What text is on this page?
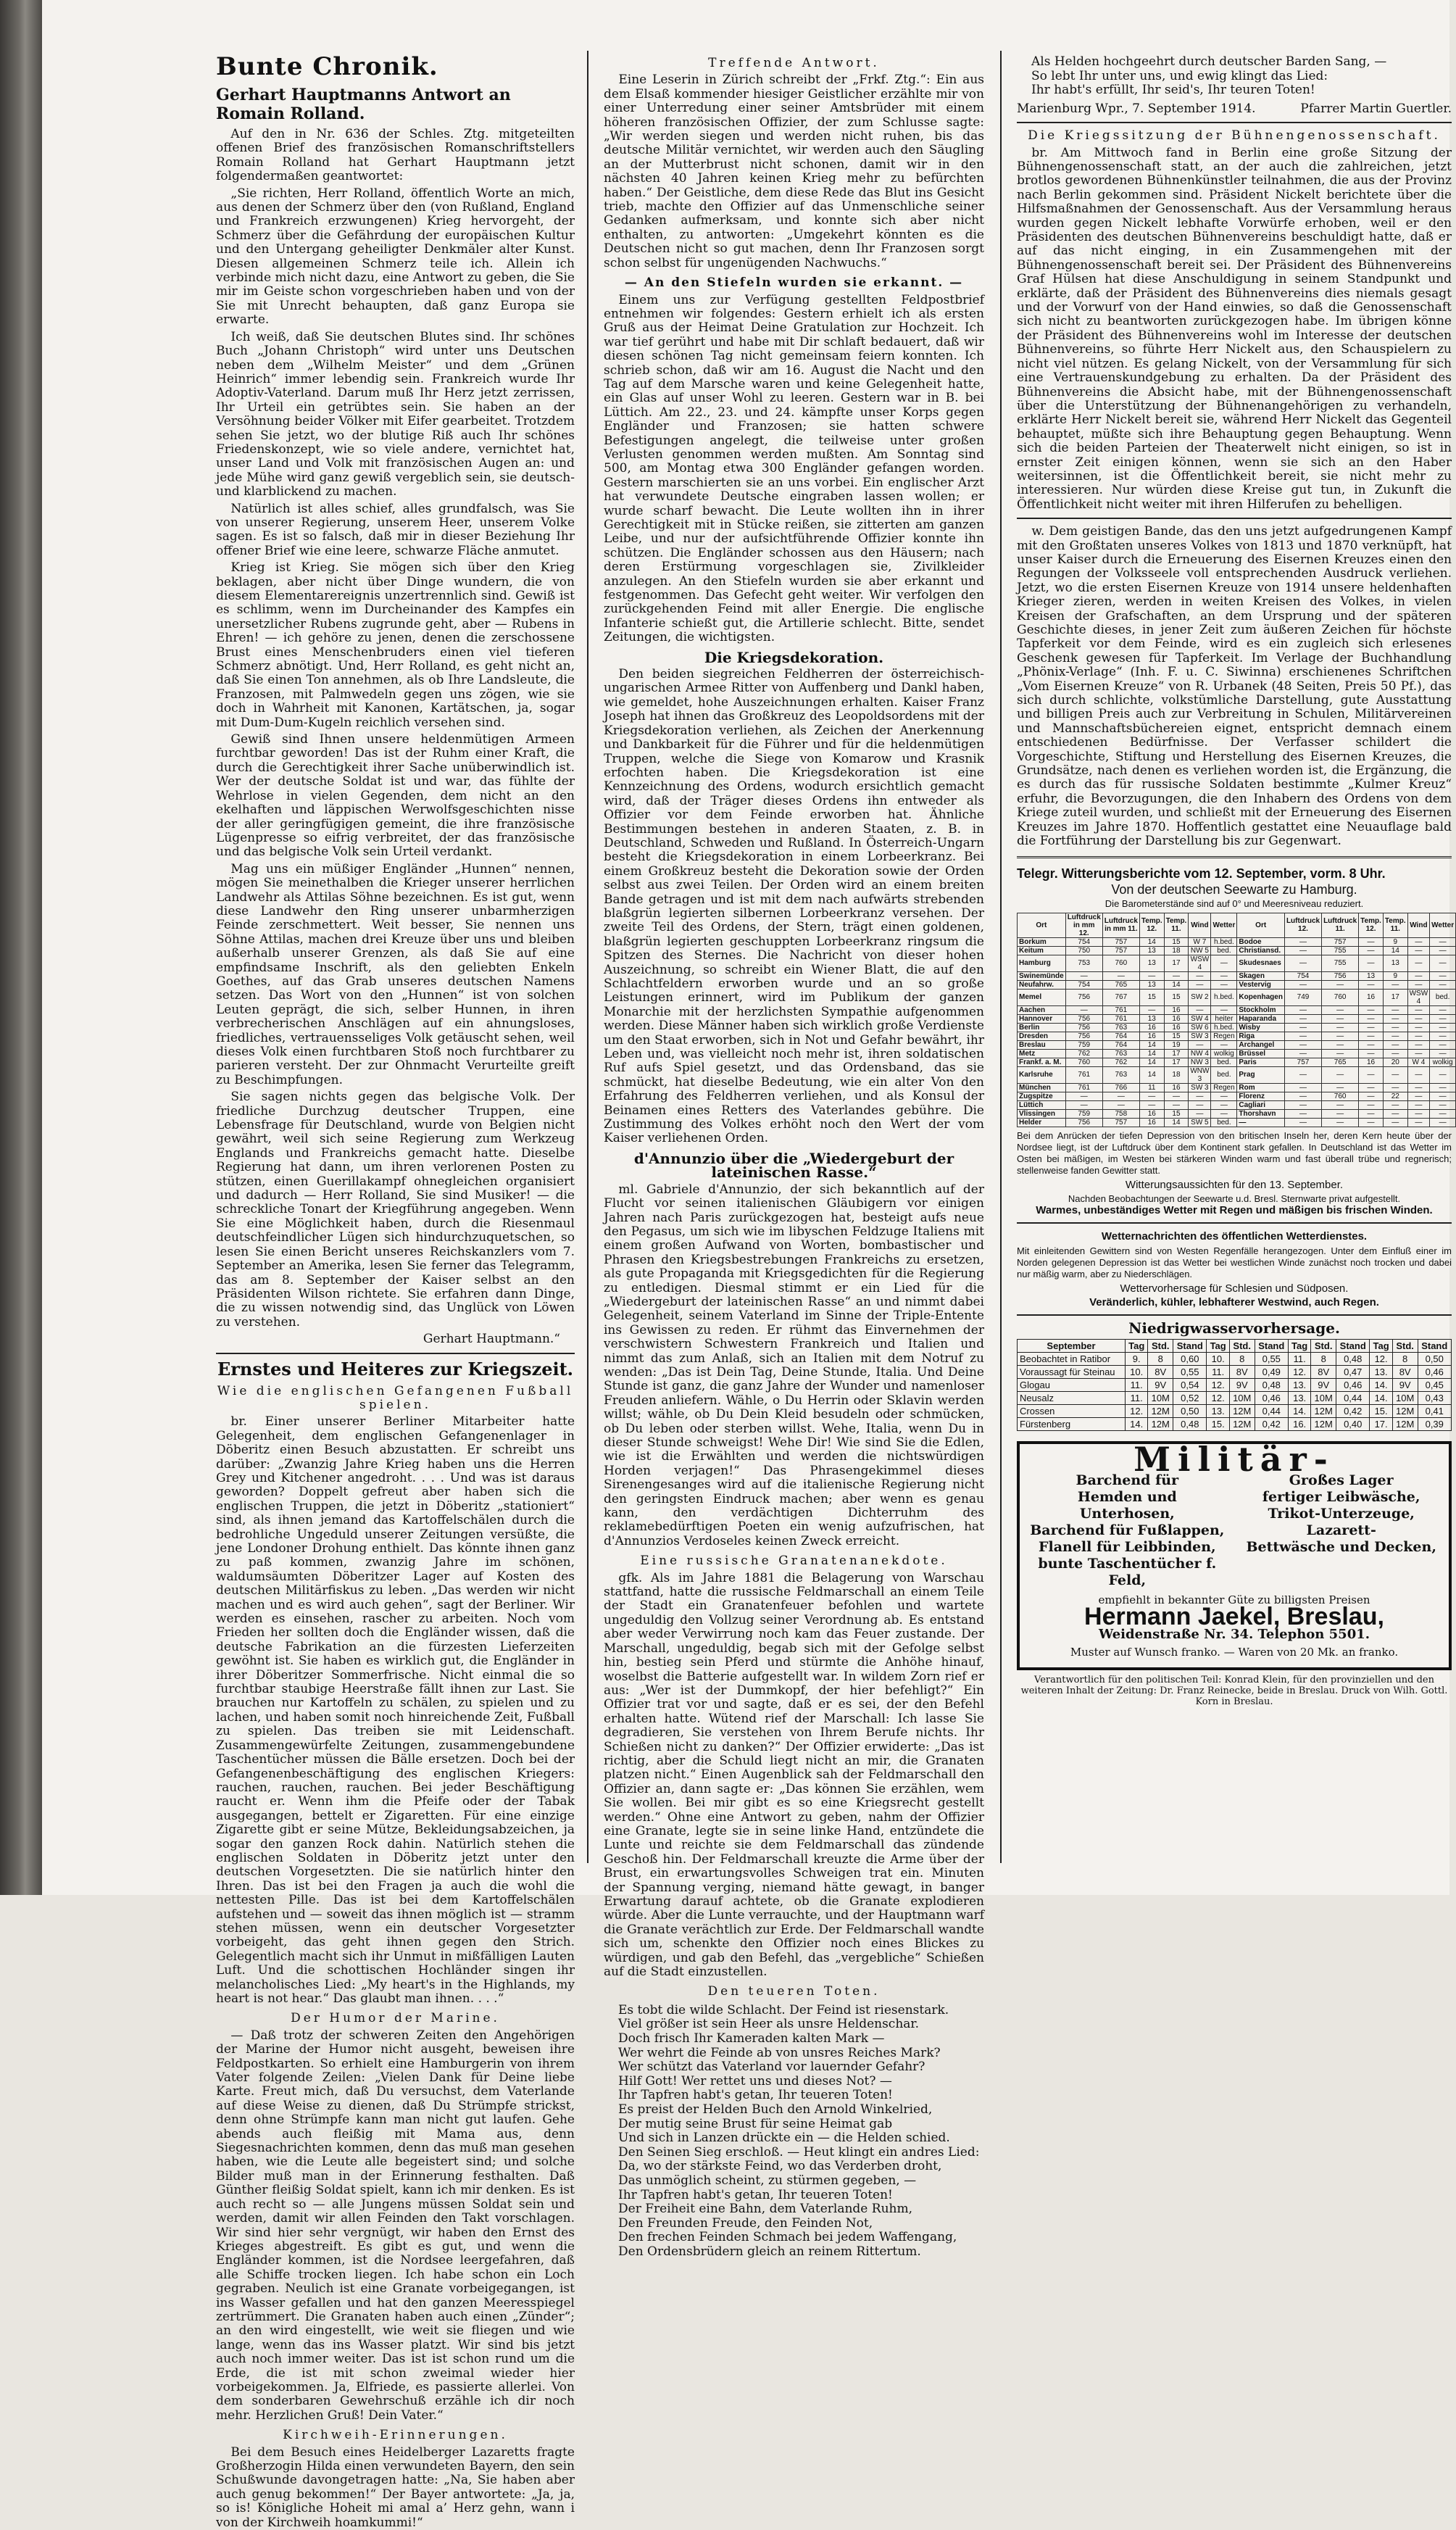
Bunte Chronik.
Gerhart Hauptmanns Antwort an Romain Rolland.

Auf den in Nr. 636 der Schles. Ztg. mitgeteilten offenen Brief des französischen Romanschriftstellers Romain Rolland hat Gerhart Hauptmann jetzt folgendermaßen geantwortet:

„Sie richten, Herr Rolland, öffentlich Worte an mich, aus denen der Schmerz über den (von Rußland, England und Frankreich erzwungenen) Krieg hervorgeht, der Schmerz über die Gefährdung der europäischen Kultur und den Untergang geheiligter Denkmäler alter Kunst. Diesen allgemeinen Schmerz teile ich. Allein ich verbinde mich nicht dazu, eine Antwort zu geben, die Sie mir im Geiste schon vorgeschrieben haben und von der Sie mit Unrecht behaupten, daß ganz Europa sie erwarte.

Ich weiß, daß Sie deutschen Blutes sind. Ihr schönes Buch „Johann Christoph“ wird unter uns Deutschen neben dem „Wilhelm Meister“ und dem „Grünen Heinrich“ immer lebendig sein. Frankreich wurde Ihr Adoptiv-Vaterland. Darum muß Ihr Herz jetzt zerrissen, Ihr Urteil ein getrübtes sein. Sie haben an der Versöhnung beider Völker mit Eifer gearbeitet. Trotzdem sehen Sie jetzt, wo der blutige Riß auch Ihr schönes Friedenskonzept, wie so viele andere, vernichtet hat, unser Land und Volk mit französischen Augen an: und jede Mühe wird ganz gewiß vergeblich sein, sie deutsch- und klarblickend zu machen.

Natürlich ist alles schief, alles grundfalsch, was Sie von unserer Regierung, unserem Heer, unserem Volke sagen. Es ist so falsch, daß mir in dieser Beziehung Ihr offener Brief wie eine leere, schwarze Fläche anmutet.

Krieg ist Krieg. Sie mögen sich über den Krieg beklagen, aber nicht über Dinge wundern, die von diesem Elementarereignis unzertrennlich sind. Gewiß ist es schlimm, wenn im Durcheinander des Kampfes ein unersetzlicher Rubens zugrunde geht, aber — Rubens in Ehren! — ich gehöre zu jenen, denen die zerschossene Brust eines Menschenbruders einen viel tieferen Schmerz abnötigt. Und, Herr Rolland, es geht nicht an, daß Sie einen Ton annehmen, als ob Ihre Landsleute, die Franzosen, mit Palmwedeln gegen uns zögen, wie sie doch in Wahrheit mit Kanonen, Kartätschen, ja, sogar mit Dum-Dum-Kugeln reichlich versehen sind.

Gewiß sind Ihnen unsere heldenmütigen Armeen furchtbar geworden! Das ist der Ruhm einer Kraft, die durch die Gerechtigkeit ihrer Sache unüberwindlich ist. Wer der deutsche Soldat ist und war, das fühlte der Wehrlose in vielen Gegenden, dem nicht an den ekelhaften und läppischen Werwolfsgeschichten nisse der aller geringfügigen gemeint, die ihre französische Lügenpresse so eifrig verbreitet, der das französische und das belgische Volk sein Urteil verdankt.

Mag uns ein müßiger Engländer „Hunnen“ nennen, mögen Sie meinethalben die Krieger unserer herrlichen Landwehr als Attilas Söhne bezeichnen. Es ist gut, wenn diese Landwehr den Ring unserer unbarmherzigen Feinde zerschmettert. Weit besser, Sie nennen uns Söhne Attilas, machen drei Kreuze über uns und bleiben außerhalb unserer Grenzen, als daß Sie auf eine empfindsame Inschrift, als den geliebten Enkeln Goethes, auf das Grab unseres deutschen Namens setzen. Das Wort von den „Hunnen“ ist von solchen Leuten geprägt, die sich, selber Hunnen, in ihren verbrecherischen Anschlägen auf ein ahnungsloses, friedliches, vertrauensseliges Volk getäuscht sehen, weil dieses Volk einen furchtbaren Stoß noch furchtbarer zu parieren versteht. Der zur Ohnmacht Verurteilte greift zu Beschimpfungen.

Sie sagen nichts gegen das belgische Volk. Der friedliche Durchzug deutscher Truppen, eine Lebensfrage für Deutschland, wurde von Belgien nicht gewährt, weil sich seine Regierung zum Werkzeug Englands und Frankreichs gemacht hatte. Dieselbe Regierung hat dann, um ihren verlorenen Posten zu stützen, einen Guerillakampf ohnegleichen organisiert und dadurch — Herr Rolland, Sie sind Musiker! — die schreckliche Tonart der Kriegführung angegeben. Wenn Sie eine Möglichkeit haben, durch die Riesenmaul deutschfeindlicher Lügen sich hindurchzuquetschen, so lesen Sie einen Bericht unseres Reichskanzlers vom 7. September an Amerika, lesen Sie ferner das Telegramm, das am 8. September der Kaiser selbst an den Präsidenten Wilson richtete. Sie erfahren dann Dinge, die zu wissen notwendig sind, das Unglück von Löwen zu verstehen.

Gerhart Hauptmann.“
Ernstes und Heiteres zur Kriegszeit.
Wie die englischen Gefangenen Fußball spielen.

br. Einer unserer Berliner Mitarbeiter hatte Gelegenheit, dem englischen Gefangenenlager in Döberitz einen Besuch abzustatten. Er schreibt uns darüber: „Zwanzig Jahre Krieg haben uns die Herren Grey und Kitchener angedroht. . . . Und was ist daraus geworden? Doppelt gefreut aber haben sich die englischen Truppen, die jetzt in Döberitz „stationiert“ sind, als ihnen jemand das Kartoffelschälen durch die bedrohliche Ungeduld unserer Zeitungen versüßte, die jene Londoner Drohung enthielt. Das könnte ihnen ganz zu paß kommen, zwanzig Jahre im schönen, waldumsäumten Döberitzer Lager auf Kosten des deutschen Militärfiskus zu leben. „Das werden wir nicht machen und es wird auch gehen“, sagt der Berliner. Wir werden es einsehen, rascher zu arbeiten. Noch vom Frieden her sollten doch die Engländer wissen, daß die deutsche Fabrikation an die fürzesten Lieferzeiten gewöhnt ist. Sie haben es wirklich gut, die Engländer in ihrer Döberitzer Sommerfrische. Nicht einmal die so furchtbar staubige Heerstraße fällt ihnen zur Last. Sie brauchen nur Kartoffeln zu schälen, zu spielen und zu lachen, und haben somit noch hinreichende Zeit, Fußball zu spielen. Das treiben sie mit Leidenschaft. Zusammengewürfelte Zeitungen, zusammengebundene Taschentücher müssen die Bälle ersetzen. Doch bei der Gefangenenbeschäftigung des englischen Kriegers: rauchen, rauchen, rauchen. Bei jeder Beschäftigung raucht er. Wenn ihm die Pfeife oder der Tabak ausgegangen, bettelt er Zigaretten. Für eine einzige Zigarette gibt er seine Mütze, Bekleidungsabzeichen, ja sogar den ganzen Rock dahin. Natürlich stehen die englischen Soldaten in Döberitz jetzt unter den deutschen Vorgesetzten. Die sie natürlich hinter den Ihren. Das ist bei den Fragen ja auch die wohl die nettesten Pille. Das ist bei dem Kartoffelschälen aufstehen und — soweit das ihnen möglich ist — stramm stehen müssen, wenn ein deutscher Vorgesetzter vorbeigeht, das geht ihnen gegen den Strich. Gelegentlich macht sich ihr Unmut in mißfälligen Lauten Luft. Und die schottischen Hochländer singen ihr melancholisches Lied: „My heart's in the Highlands, my heart is not hear.“ Das glaubt man ihnen. . . .“

Der Humor der Marine.

— Daß trotz der schweren Zeiten den Angehörigen der Marine der Humor nicht ausgeht, beweisen ihre Feldpostkarten. So erhielt eine Hamburgerin von ihrem Vater folgende Zeilen: „Vielen Dank für Deine liebe Karte. Freut mich, daß Du versuchst, dem Vaterlande auf diese Weise zu dienen, daß Du Strümpfe strickst, denn ohne Strümpfe kann man nicht gut laufen. Gehe abends auch fleißig mit Mama aus, denn Siegesnachrichten kommen, denn das muß man gesehen haben, wie die Leute alle begeistert sind; und solche Bilder muß man in der Erinnerung festhalten. Daß Günther fleißig Soldat spielt, kann ich mir denken. Es ist auch recht so — alle Jungens müssen Soldat sein und werden, damit wir allen Feinden den Takt vorschlagen. Wir sind hier sehr vergnügt, wir haben den Ernst des Krieges abgestreift. Es gibt es gut, und wenn die Engländer kommen, ist die Nordsee leergefahren, daß alle Schiffe trocken liegen. Ich habe schon ein Loch gegraben. Neulich ist eine Granate vorbeigegangen, ist ins Wasser gefallen und hat den ganzen Meeresspiegel zertrümmert. Die Granaten haben auch einen „Zünder“; an den wird eingestellt, wie weit sie fliegen und wie lange, wenn das ins Wasser platzt. Wir sind bis jetzt auch noch immer weiter. Das ist ist schon rund um die Erde, die ist mit schon zweimal wieder hier vorbeigekommen. Ja, Elfriede, es passierte allerlei. Von dem sonderbaren Gewehrschuß erzähle ich dir noch mehr. Herzlichen Gruß! Dein Vater.“

Kirchweih-Erinnerungen.

Bei dem Besuch eines Heidelberger Lazaretts fragte Großherzogin Hilda einen verwundeten Bayern, den sein Schußwunde davongetragen hatte: „Na, Sie haben aber auch genug bekommen!“ Der Bayer antwortete: „Ja, ja, so is! Königliche Hoheit mi amal a’ Herz gehn, wann i von der Kirchweih hoamkummi!“

Treffende Antwort.

Eine Leserin in Zürich schreibt der „Frkf. Ztg.“: Ein aus dem Elsaß kommender hiesiger Geistlicher erzählte mir von einer Unterredung einer seiner Amtsbrüder mit einem höheren französischen Offizier, der zum Schlusse sagte: „Wir werden siegen und werden nicht ruhen, bis das deutsche Militär vernichtet, wir werden auch den Säugling an der Mutterbrust nicht schonen, damit wir in den nächsten 40 Jahren keinen Krieg mehr zu befürchten haben.“ Der Geistliche, dem diese Rede das Blut ins Gesicht trieb, machte den Offizier auf das Unmenschliche seiner Gedanken aufmerksam, und konnte sich aber nicht enthalten, zu antworten: „Umgekehrt könnten es die Deutschen nicht so gut machen, denn Ihr Franzosen sorgt schon selbst für ungenügenden Nachwuchs.“

— An den Stiefeln wurden sie erkannt. —

Einem uns zur Verfügung gestellten Feldpostbrief entnehmen wir folgendes: Gestern erhielt ich als ersten Gruß aus der Heimat Deine Gratulation zur Hochzeit. Ich war tief gerührt und habe mit Dir schlaft bedauert, daß wir diesen schönen Tag nicht gemeinsam feiern konnten. Ich schrieb schon, daß wir am 16. August die Nacht und den Tag auf dem Marsche waren und keine Gelegenheit hatte, ein Glas auf unser Wohl zu leeren. Gestern war in B. bei Lüttich. Am 22., 23. und 24. kämpfte unser Korps gegen Engländer und Franzosen; sie hatten schwere Befestigungen angelegt, die teilweise unter großen Verlusten genommen werden mußten. Am Sonntag sind 500, am Montag etwa 300 Engländer gefangen worden. Gestern marschierten sie an uns vorbei. Ein englischer Arzt hat verwundete Deutsche eingraben lassen wollen; er wurde scharf bewacht. Die Leute wollten ihn in ihrer Gerechtigkeit mit in Stücke reißen, sie zitterten am ganzen Leibe, und nur der aufsichtführende Offizier konnte ihn schützen. Die Engländer schossen aus den Häusern; nach deren Erstürmung vorgeschlagen sie, Zivilkleider anzulegen. An den Stiefeln wurden sie aber erkannt und festgenommen. Das Gefecht geht weiter. Wir verfolgen den zurückgehenden Feind mit aller Energie. Die englische Infanterie schießt gut, die Artillerie schlecht. Bitte, sendet Zeitungen, die wichtigsten.

Die Kriegsdekoration.

Den beiden siegreichen Feldherren der österreichisch-ungarischen Armee Ritter von Auffenberg und Dankl haben, wie gemeldet, hohe Auszeichnungen erhalten. Kaiser Franz Joseph hat ihnen das Großkreuz des Leopoldsordens mit der Kriegsdekoration verliehen, als Zeichen der Anerkennung und Dankbarkeit für die Führer und für die heldenmütigen Truppen, welche die Siege von Komarow und Krasnik erfochten haben. Die Kriegsdekoration ist eine Kennzeichnung des Ordens, wodurch ersichtlich gemacht wird, daß der Träger dieses Ordens ihn entweder als Offizier vor dem Feinde erworben hat. Ähnliche Bestimmungen bestehen in anderen Staaten, z. B. in Deutschland, Schweden und Rußland. In Österreich-Ungarn besteht die Kriegsdekoration in einem Lorbeerkranz. Bei einem Großkreuz besteht die Dekoration sowie der Orden selbst aus zwei Teilen. Der Orden wird an einem breiten Bande getragen und ist mit dem nach aufwärts strebenden blaßgrün legierten silbernen Lorbeerkranz versehen. Der zweite Teil des Ordens, der Stern, trägt einen goldenen, blaßgrün legierten geschuppten Lorbeerkranz ringsum die Spitzen des Sternes. Die Nachricht von dieser hohen Auszeichnung, so schreibt ein Wiener Blatt, die auf den Schlachtfeldern erworben wurde und an so große Leistungen erinnert, wird im Publikum der ganzen Monarchie mit der herzlichsten Sympathie aufgenommen werden. Diese Männer haben sich wirklich große Verdienste um den Staat erworben, sich in Not und Gefahr bewährt, ihr Leben und, was vielleicht noch mehr ist, ihren soldatischen Ruf aufs Spiel gesetzt, und das Ordensband, das sie schmückt, hat dieselbe Bedeutung, wie ein alter Von den Erfahrung des Feldherren verliehen, und als Konsul der Beinamen eines Retters des Vaterlandes gebühre. Die Zustimmung des Volkes erhöht noch den Wert der vom Kaiser verliehenen Orden.

d'Annunzio über die „Wiedergeburt der lateinischen Rasse.“

ml. Gabriele d'Annunzio, der sich bekanntlich auf der Flucht vor seinen italienischen Gläubigern vor einigen Jahren nach Paris zurückgezogen hat, besteigt aufs neue den Pegasus, um sich wie im libyschen Feldzuge Italiens mit einem großen Aufwand von Worten, bombastischer und Phrasen den Kriegsbestrebungen Frankreichs zu ersetzen, als gute Propaganda mit Kriegsgedichten für die Regierung zu entledigen. Diesmal stimmt er ein Lied für die „Wiedergeburt der lateinischen Rasse“ an und nimmt dabei Gelegenheit, seinem Vaterland im Sinne der Triple-Entente ins Gewissen zu reden. Er rühmt das Einvernehmen der verschwistern Schwestern Frankreich und Italien und nimmt das zum Anlaß, sich an Italien mit dem Notruf zu wenden: „Das ist Dein Tag, Deine Stunde, Italia. Und Deine Stunde ist ganz, die ganz Jahre der Wunder und namenloser Freuden anliefern. Wähle, o Du Herrin oder Sklavin werden willst; wähle, ob Du Dein Kleid besudeln oder schmücken, ob Du leben oder sterben willst. Wehe, Italia, wenn Du in dieser Stunde schweigst! Wehe Dir! Wie sind Sie die Edlen, wie ist die Erwählten und werden die nichtswürdigen Horden verjagen!“ Das Phrasengekimmel dieses Sirenengesanges wird auf die italienische Regierung nicht den geringsten Eindruck machen; aber wenn es genau kann, den verdächtigen Dichterruhm des reklamebedürftigen Poeten ein wenig aufzufrischen, hat d'Annunzios Verdoseles keinen Zweck erreicht.

Eine russische Granatenanekdote.

gfk. Als im Jahre 1881 die Belagerung von Warschau stattfand, hatte die russische Feldmarschall an einem Teile der Stadt ein Granatenfeuer befohlen und wartete ungeduldig den Vollzug seiner Verordnung ab. Es entstand aber weder Verwirrung noch kam das Feuer zustande. Der Marschall, ungeduldig, begab sich mit der Gefolge selbst hin, bestieg sein Pferd und stürmte die Anhöhe hinauf, woselbst die Batterie aufgestellt war. In wildem Zorn rief er aus: „Wer ist der Dummkopf, der hier befehligt?“ Ein Offizier trat vor und sagte, daß er es sei, der den Befehl erhalten hatte. Wütend rief der Marschall: Ich lasse Sie degradieren, Sie verstehen von Ihrem Berufe nichts. Ihr Schießen nicht zu danken?“ Der Offizier erwiderte: „Das ist richtig, aber die Schuld liegt nicht an mir, die Granaten platzen nicht.“ Einen Augenblick sah der Feldmarschall den Offizier an, dann sagte er: „Das können Sie erzählen, wem Sie wollen. Bei mir gibt es so eine Kriegsrecht gestellt werden.“ Ohne eine Antwort zu geben, nahm der Offizier eine Granate, legte sie in seine linke Hand, entzündete die Lunte und reichte sie dem Feldmarschall das zündende Geschoß hin. Der Feldmarschall kreuzte die Arme über der Brust, ein erwartungsvolles Schweigen trat ein. Minuten der Spannung verging, niemand hätte gewagt, in banger Erwartung darauf achtete, ob die Granate explodieren würde. Aber die Lunte verrauchte, und der Hauptmann warf die Granate verächtlich zur Erde. Der Feldmarschall wandte sich um, schenkte den Offizier noch eines Blickes zu würdigen, und gab den Befehl, das „vergebliche“ Schießen auf die Stadt einzustellen.

Den teueren Toten.
Es tobt die wilde Schlacht. Der Feind ist riesenstark.
Viel größer ist sein Heer als unsre Heldenschar.
Doch frisch Ihr Kameraden kalten Mark —
Wer wehrt die Feinde ab von unsres Reiches Mark?
Wer schützt das Vaterland vor lauernder Gefahr?
Hilf Gott! Wer rettet uns und dieses Not? —
Ihr Tapfren habt's getan, Ihr teueren Toten!
Es preist der Helden Buch den Arnold Winkelried,
Der mutig seine Brust für seine Heimat gab
Und sich in Lanzen drückte ein — die Helden schied.
Den Seinen Sieg erschloß. — Heut klingt ein andres Lied:
Da, wo der stärkste Feind, wo das Verderben droht,
Das unmöglich scheint, zu stürmen gegeben, —
Ihr Tapfren habt's getan, Ihr teueren Toten!
Der Freiheit eine Bahn, dem Vaterlande Ruhm,
Den Freunden Freude, den Feinden Not,
Den frechen Feinden Schmach bei jedem Waffengang,
Den Ordensbrüdern gleich an reinem Rittertum.
Als Helden hochgeehrt durch deutscher Barden Sang, —
So lebt Ihr unter uns, und ewig klingt das Lied:
Ihr habt's erfüllt, Ihr seid's, Ihr teuren Toten!
Marienburg Wpr., 7. September 1914.	Pfarrer Martin Guertler.
Die Kriegssitzung der Bühnengenossenschaft.

br. Am Mittwoch fand in Berlin eine große Sitzung der Bühnengenossenschaft statt, an der auch die zahlreichen, jetzt brotlos gewordenen Bühnenkünstler teilnahmen, die aus der Provinz nach Berlin gekommen sind. Präsident Nickelt berichtete über die Hilfsmaßnahmen der Genossenschaft. Aus der Versammlung heraus wurden gegen Nickelt lebhafte Vorwürfe erhoben, weil er den Präsidenten des deutschen Bühnenvereins beschuldigt hatte, daß er auf das nicht einging, in ein Zusammengehen mit der Bühnengenossenschaft bereit sei. Der Präsident des Bühnenvereins Graf Hülsen hat diese Anschuldigung in seinem Standpunkt und erklärte, daß der Präsident des Bühnenvereins dies niemals gesagt und der Vorwurf von der Hand einwies, so daß die Genossenschaft sich nicht zu beantworten zurückgezogen habe. Im übrigen könne der Präsident des Bühnenvereins wohl im Interesse der deutschen Bühnenvereins, so führte Herr Nickelt aus, den Schauspielern zu nicht viel nützen. Es gelang Nickelt, von der Versammlung für sich eine Vertrauenskundgebung zu erhalten. Da der Präsident des Bühnenvereins die Absicht habe, mit der Bühnengenossenschaft über die Unterstützung der Bühnenangehörigen zu verhandeln, erklärte Herr Nickelt bereit sie, während Herr Nickelt das Gegenteil behauptet, müßte sich ihre Behauptung gegen Behauptung. Wenn sich die beiden Parteien der Theaterwelt nicht einigen, so ist in ernster Zeit einigen können, wenn sie sich an den Haber weitersinnen, ist die Öffentlichkeit bereit, sie nicht mehr zu interessieren. Nur würden diese Kreise gut tun, in Zukunft die Öffentlichkeit nicht weiter mit ihren Hilferufen zu behelligen.

w. Dem geistigen Bande, das den uns jetzt aufgedrungenen Kampf mit den Großtaten unseres Volkes von 1813 und 1870 verknüpft, hat unser Kaiser durch die Erneuerung des Eisernen Kreuzes einen den Regungen der Volksseele voll entsprechenden Ausdruck verliehen. Jetzt, wo die ersten Eisernen Kreuze von 1914 unsere heldenhaften Krieger zieren, werden in weiten Kreisen des Volkes, in vielen Kreisen der Grafschaften, an dem Ursprung und der späteren Geschichte dieses, in jener Zeit zum äußeren Zeichen für höchste Tapferkeit vor dem Feinde, wird es ein zugleich sich erlesenes Geschenk gewesen für Tapferkeit. Im Verlage der Buchhandlung „Phönix-Verlage“ (Inh. F. u. C. Siwinna) erschienenes Schriftchen „Vom Eisernen Kreuze“ von R. Urbanek (48 Seiten, Preis 50 Pf.), das sich durch schlichte, volkstümliche Darstellung, gute Ausstattung und billigen Preis auch zur Verbreitung in Schulen, Militärvereinen und Mannschaftsbüchereien eignet, entspricht demnach einem entschiedenen Bedürfnisse. Der Verfasser schildert die Vorgeschichte, Stiftung und Herstellung des Eisernen Kreuzes, die Grundsätze, nach denen es verliehen worden ist, die Ergänzung, die es durch das für russische Soldaten bestimmte „Kulmer Kreuz“ erfuhr, die Bevorzugungen, die den Inhabern des Ordens von dem Kriege zuteil wurden, und schließt mit der Erneuerung des Eisernen Kreuzes im Jahre 1870. Hoffentlich gestattet eine Neuauflage bald die Fortführung der Darstellung bis zur Gegenwart.

Telegr. Witterungsberichte vom 12. September, vorm. 8 Uhr.
Von der deutschen Seewarte zu Hamburg.
Die Barometerstände sind auf 0° und Meeresniveau reduziert.
Ort	Luftdruck in mm 12.	Luftdruck in mm 11.	Temp. 12.	Temp. 11.	Wind	Wetter	Ort	Luftdruck 12.	Luftdruck 11.	Temp. 12.	Temp. 11.	Wind	Wetter
Borkum	754	757	14	15	W 7	h.bed.	Bodoe	—	757	—	9	—	—
Keitum	750	757	13	18	NW 5	bed.	Christiansd.	—	755	—	14	—	—
Hamburg	753	760	13	17	WSW 4	—	Skudesnaes	—	755	—	13	—	—
Swinemünde	—	—	—	—	—	—	Skagen	754	756	13	9	—	—
Neufahrw.	754	765	13	14	—	—	Vestervig	—	—	—	—	—	—
Memel	756	767	15	15	SW 2	h.bed.	Kopenhagen	749	760	16	17	WSW 4	bed.
Aachen	—	761	—	16	—	—	Stockholm	—	—	—	—	—	—
Hannover	756	761	13	16	SW 4	heiter	Haparanda	—	—	—	—	—	—
Berlin	756	763	16	16	SW 6	h.bed.	Wisby	—	—	—	—	—	—
Dresden	756	764	16	15	SW 3	Regen	Riga	—	—	—	—	—	—
Breslau	759	764	14	19	—	—	Archangel	—	—	—	—	—	—
Metz	762	763	14	17	NW 4	wolkig	Brüssel	—	—	—	—	—	—
Frankf. a. M.	760	762	14	17	NW 3	bed.	Paris	757	765	16	20	W 4	wolkig
Karlsruhe	761	763	14	18	WNW 3	bed.	Prag	—	—	—	—	—	—
München	761	766	11	16	SW 3	Regen	Rom	—	—	—	—	—	—
Zugspitze	—	—	—	—	—	—	Florenz	—	760	—	22	—	—
Lüttich	—	—	—	—	—	—	Cagliari	—	—	—	—	—	—
Vlissingen	759	758	16	15	—	—	Thorshavn	—	—	—	—	—	—
Helder	756	757	16	14	SW 5	bed.	—	—	—	—	—	—	—
Bei dem Anrücken der tiefen Depression von den britischen Inseln her, deren Kern heute über der Nordsee liegt, ist der Luftdruck über dem Kontinent stark gefallen. In Deutschland ist das Wetter im Osten bei mäßigen, im Westen bei stärkeren Winden warm und fast überall trübe und regnerisch; stellenweise fanden Gewitter statt.
Witterungsaussichten für den 13. September.
Nachden Beobachtungen der Seewarte u.d. Bresl. Sternwarte privat aufgestellt.
Warmes, unbeständiges Wetter mit Regen und mäßigen bis frischen Winden.
Wetternachrichten des öffentlichen Wetterdienstes.
Mit einleitenden Gewittern sind von Westen Regenfälle herangezogen. Unter dem Einfluß einer im Norden gelegenen Depression ist das Wetter bei westlichen Winde zunächst noch trocken und dabei nur mäßig warm, aber zu Niederschlägen.
Wettervorhersage für Schlesien und Südposen.
Veränderlich, kühler, lebhafterer Westwind, auch Regen.
Niedrigwasservorhersage.
September	Tag	Std.	Stand	Tag	Std.	Stand	Tag	Std.	Stand	Tag	Std.	Stand
Beobachtet in Ratibor	9.	8	0,60	10.	8	0,55	11.	8	0,48	12.	8	0,50
Voraussagt für Steinau	10.	8V	0,55	11.	8V	0,49	12.	8V	0,47	13.	8V	0,46
Glogau	11.	9V	0,54	12.	9V	0,48	13.	9V	0,46	14.	9V	0,45
Neusalz	11.	10M	0,52	12.	10M	0,46	13.	10M	0,44	14.	10M	0,43
Crossen	12.	12M	0,50	13.	12M	0,44	14.	12M	0,42	15.	12M	0,41
Fürstenberg	14.	12M	0,48	15.	12M	0,42	16.	12M	0,40	17.	12M	0,39
Militär-
Barchend für
Hemden und Unterhosen,
Barchend für Fußlappen,
Flanell für Leibbinden,
bunte Taschentücher f. Feld,
Großes Lager
fertiger Leibwäsche,
Trikot-Unterzeuge,
Lazarett-
Bettwäsche und Decken,
empfiehlt in bekannter Güte zu billigsten Preisen
Hermann Jaekel, Breslau,
Weidenstraße Nr. 34. Telephon 5501.
Muster auf Wunsch franko. — Waren von 20 Mk. an franko.
Verantwortlich für den politischen Teil: Konrad Klein, für den provinziellen und den weiteren Inhalt der Zeitung: Dr. Franz Reinecke, beide in Breslau. Druck von Wilh. Gottl. Korn in Breslau.
